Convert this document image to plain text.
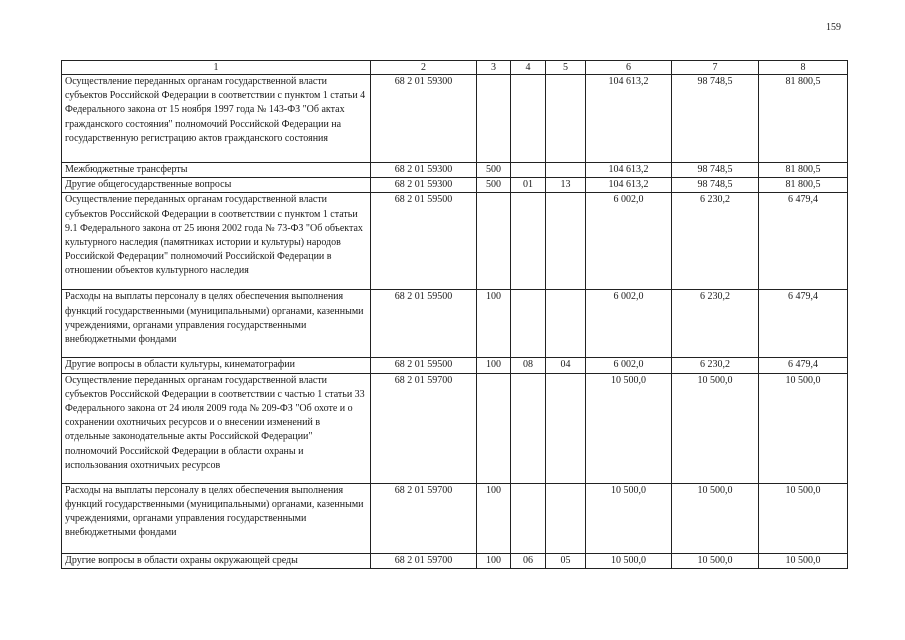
159
1	2	3	4	5	6	7	8
Осуществление переданных органам государственной власти субъектов Российской Федерации в соответствии с пунктом 1 статьи 4 Федерального закона от 15 ноября 1997 года № 143-ФЗ "Об актах гражданского состояния" полномочий Российской Федерации на государственную регистрацию актов гражданского состояния	68 2 01 59300				104 613,2	98 748,5	81 800,5
Межбюджетные трансферты	68 2 01 59300	500			104 613,2	98 748,5	81 800,5
Другие общегосударственные вопросы	68 2 01 59300	500	01	13	104 613,2	98 748,5	81 800,5
Осуществление переданных органам государственной власти субъектов Российской Федерации в соответствии с пунктом 1 статьи 9.1 Федерального закона от 25 июня 2002 года № 73-ФЗ "Об объектах культурного наследия (памятниках истории и культуры) народов Российской Федерации" полномочий Российской Федерации в отношении объектов культурного наследия	68 2 01 59500				6 002,0	6 230,2	6 479,4
Расходы на выплаты персоналу в целях обеспечения выполнения функций государственными (муниципальными) органами, казенными учреждениями, органами управления государственными внебюджетными фондами	68 2 01 59500	100			6 002,0	6 230,2	6 479,4
Другие вопросы в области культуры, кинематографии	68 2 01 59500	100	08	04	6 002,0	6 230,2	6 479,4
Осуществление переданных органам государственной власти субъектов Российской Федерации в соответствии с частью 1 статьи 33 Федерального закона от 24 июля 2009 года № 209-ФЗ "Об охоте и о сохранении охотничьих ресурсов и о внесении изменений в отдельные законодательные акты Российской Федерации" полномочий Российской Федерации в области охраны и использования охотничьих ресурсов	68 2 01 59700				10 500,0	10 500,0	10 500,0
Расходы на выплаты персоналу в целях обеспечения выполнения функций государственными (муниципальными) органами, казенными учреждениями, органами управления государственными внебюджетными фондами	68 2 01 59700	100			10 500,0	10 500,0	10 500,0
Другие вопросы в области охраны окружающей среды	68 2 01 59700	100	06	05	10 500,0	10 500,0	10 500,0
